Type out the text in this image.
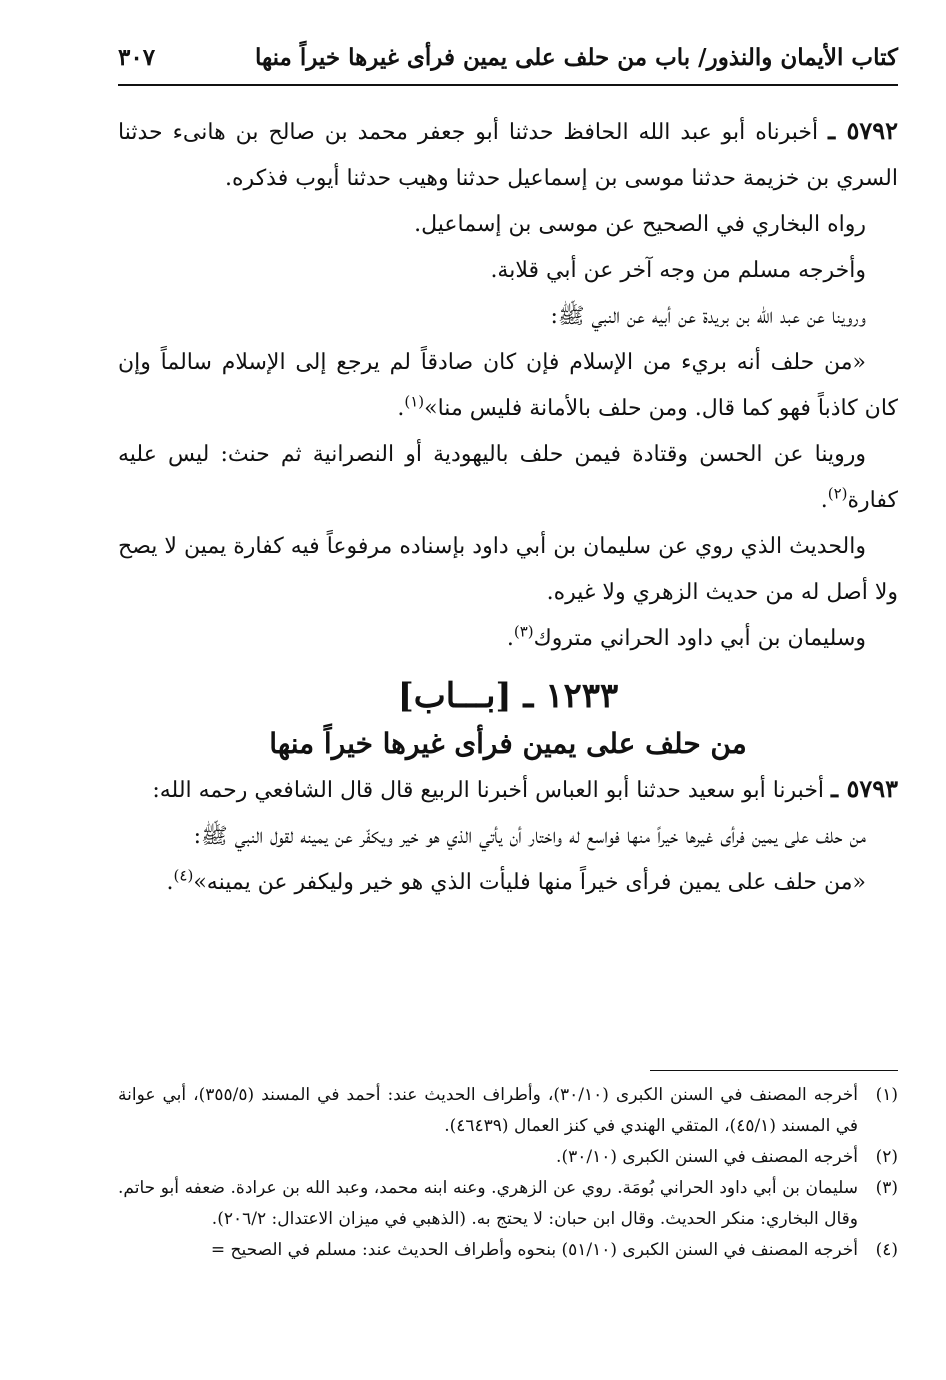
كتاب الأيمان والنذور/ باب من حلف على يمين فرأى غيرها خيراً منها
٣٠٧

٥٧٩٢ ـ أخبرناه أبو عبد الله الحافظ حدثنا أبو جعفر محمد بن صالح بن هانىء حدثنا السري بن خزيمة حدثنا موسى بن إسماعيل حدثنا وهيب حدثنا أيوب فذكره.

رواه البخاري في الصحيح عن موسى بن إسماعيل.

وأخرجه مسلم من وجه آخر عن أبي قلابة.

وروينا عن عبد الله بن بريدة عن أبيه عن النبي ﷺ:

«من حلف أنه بريء من الإسلام فإن كان صادقاً لم يرجع إلى الإسلام سالماً وإن كان كاذباً فهو كما قال. ومن حلف بالأمانة فليس منا»$^{(١)}$.

وروينا عن الحسن وقتادة فيمن حلف باليهودية أو النصرانية ثم حنث: ليس عليه كفارة$^{(٢)}$.

والحديث الذي روي عن سليمان بن أبي داود بإسناده مرفوعاً فيه كفارة يمين لا يصح ولا أصل له من حديث الزهري ولا غيره.

وسليمان بن أبي داود الحراني متروك$^{(٣)}$.

١٢٣٣ ـ [بـــاب]
من حلف على يمين فرأى غيرها خيراً منها

٥٧٩٣ ـ أخبرنا أبو سعيد حدثنا أبو العباس أخبرنا الربيع قال قال الشافعي رحمه الله:

من حلف على يمين فرأى غيرها خيراً منها فواسع له واختار أن يأتي الذي هو خير ويكفّر عن يمينه لقول النبي ﷺ:

«من حلف على يمين فرأى خيراً منها فليأت الذي هو خير وليكفر عن يمينه»$^{(٤)}$.

(١)
أخرجه المصنف في السنن الكبرى (٣٠/١٠)، وأطراف الحديث عند: أحمد في المسند (٣٥٥/٥)، أبي عوانة في المسند (٤٥/١)، المتقي الهندي في كنز العمال (٤٦٤٣٩).

(٢)
أخرجه المصنف في السنن الكبرى (٣٠/١٠).

(٣)
سليمان بن أبي داود الحراني بُومَة. روي عن الزهري. وعنه ابنه محمد، وعبد الله بن عرادة. ضعفه أبو حاتم. وقال البخاري: منكر الحديث. وقال ابن حبان: لا يحتج به. (الذهبي في ميزان الاعتدال: ٢٠٦/٢).

(٤)
أخرجه المصنف في السنن الكبرى (٥١/١٠) بنحوه وأطراف الحديث عند: مسلم في الصحيح =
